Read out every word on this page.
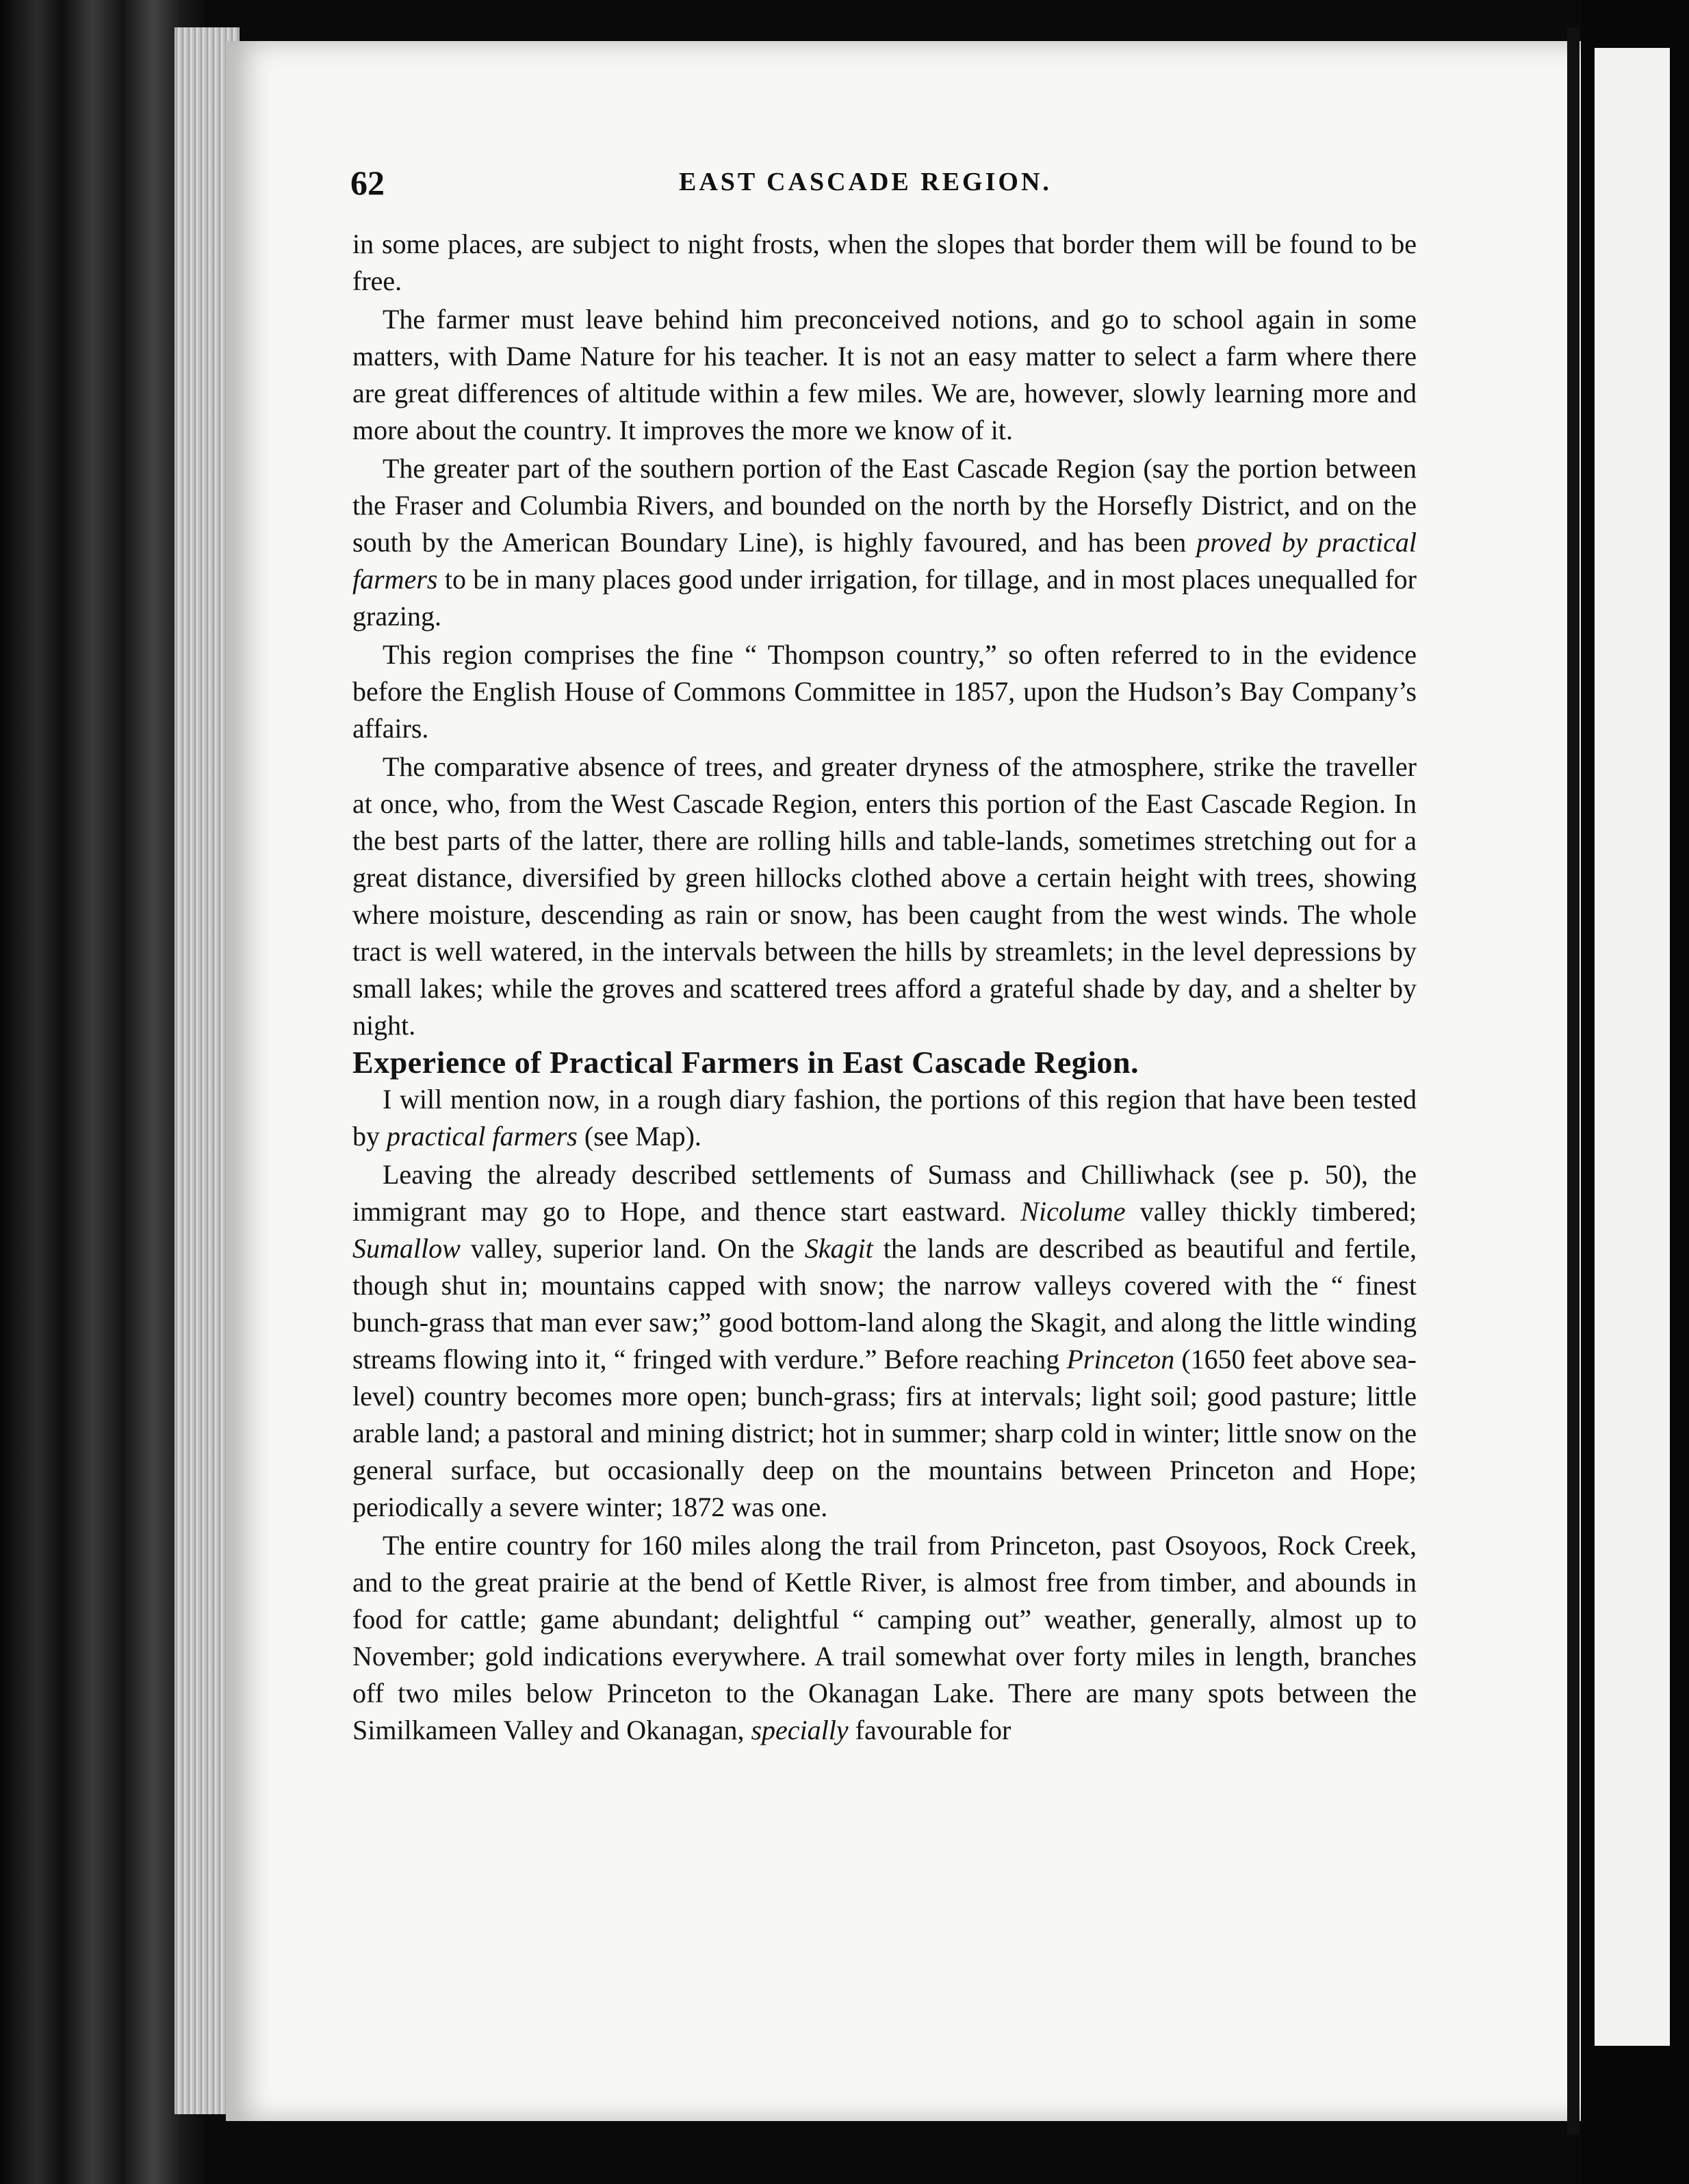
62	EAST CASCADE REGION.

in some places, are subject to night frosts, when the slopes that border them will be found to be free.

The farmer must leave behind him preconceived notions, and go to school again in some matters, with Dame Nature for his teacher. It is not an easy matter to select a farm where there are great differences of altitude within a few miles. We are, however, slowly learning more and more about the country. It improves the more we know of it.

The greater part of the southern portion of the East Cascade Region (say the portion between the Fraser and Columbia Rivers, and bounded on the north by the Horsefly District, and on the south by the American Boundary Line), is highly favoured, and has been proved by practical farmers to be in many places good under irrigation, for tillage, and in most places unequalled for grazing.

This region comprises the fine “ Thompson country,” so often referred to in the evidence before the English House of Commons Committee in 1857, upon the Hudson’s Bay Company’s affairs.

The comparative absence of trees, and greater dryness of the atmosphere, strike the traveller at once, who, from the West Cascade Region, enters this portion of the East Cascade Region. In the best parts of the latter, there are rolling hills and table-lands, sometimes stretching out for a great distance, diversified by green hillocks clothed above a certain height with trees, showing where moisture, descending as rain or snow, has been caught from the west winds. The whole tract is well watered, in the intervals between the hills by streamlets; in the level depressions by small lakes; while the groves and scattered trees afford a grateful shade by day, and a shelter by night.

Experience of Practical Farmers in East Cascade Region.

I will mention now, in a rough diary fashion, the portions of this region that have been tested by practical farmers (see Map).

Leaving the already described settlements of Sumass and Chilliwhack (see p. 50), the immigrant may go to Hope, and thence start eastward. Nicolume valley thickly timbered; Sumallow valley, superior land. On the Skagit the lands are described as beautiful and fertile, though shut in; mountains capped with snow; the narrow valleys covered with the “ finest bunch-grass that man ever saw;” good bottom-land along the Skagit, and along the little winding streams flowing into it, “ fringed with verdure.” Before reaching Princeton (1650 feet above sea-level) country becomes more open; bunch-grass; firs at intervals; light soil; good pasture; little arable land; a pastoral and mining district; hot in summer; sharp cold in winter; little snow on the general surface, but occasionally deep on the mountains between Princeton and Hope; periodically a severe winter; 1872 was one.

The entire country for 160 miles along the trail from Princeton, past Osoyoos, Rock Creek, and to the great prairie at the bend of Kettle River, is almost free from timber, and abounds in food for cattle; game abundant; delightful “ camping out” weather, generally, almost up to November; gold indications everywhere. A trail somewhat over forty miles in length, branches off two miles below Princeton to the Okanagan Lake. There are many spots between the Similkameen Valley and Okanagan, specially favourable for
